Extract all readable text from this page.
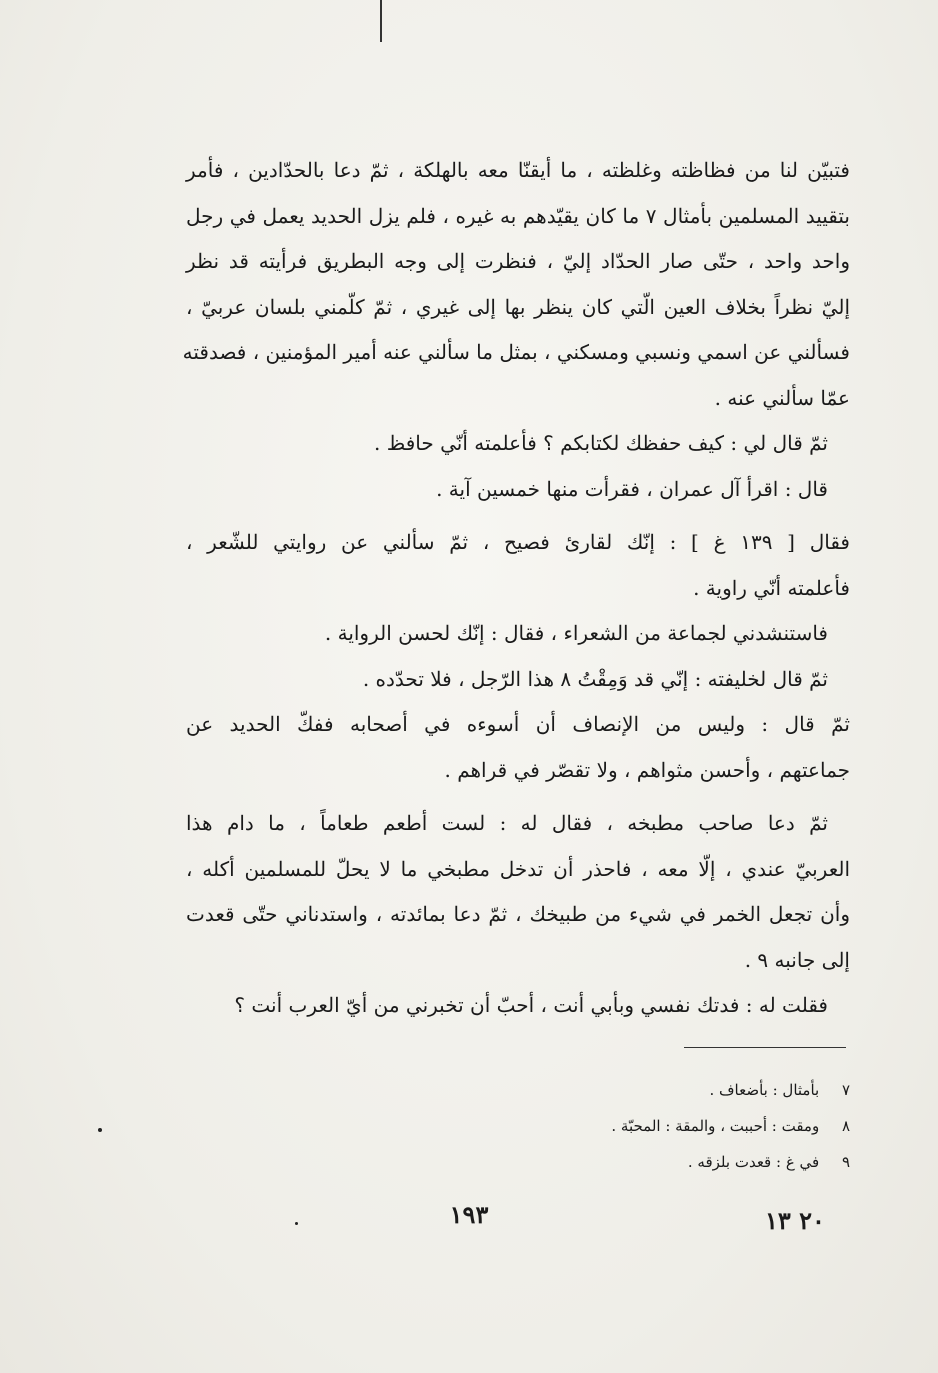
فتبيّن لنا من فظاظته وغلظته ، ما أيقنّا معه بالهلكة ، ثمّ دعا بالحدّادين ، فأمر
بتقييد المسلمين بأمثال ٧ ما كان يقيّدهم به غيره ، فلم يزل الحديد يعمل في رجل
واحد واحد ، حتّى صار الحدّاد إليّ ، فنظرت إلى وجه البطريق فرأيته قد نظر
إليّ نظراً بخلاف العين الّتي كان ينظر بها إلى غيري ، ثمّ كلّمني بلسان عربيّ ،
فسألني عن اسمي ونسبي ومسكني ، بمثل ما سألني عنه أمير المؤمنين ، فصدقته
عمّا سألني عنه .
ثمّ قال لي : كيف حفظك لكتابكم ؟ فأعلمته أنّي حافظ .
قال : اقرأ آل عمران ، فقرأت منها خمسين آية .
فقال [ ١٣٩ غ ] : إنّك لقارئ فصيح ، ثمّ سألني عن روايتي للشّعر ،
فأعلمته أنّي راوية .
فاستنشدني لجماعة من الشعراء ، فقال : إنّك لحسن الرواية .
ثمّ قال لخليفته : إنّي قد وَمِقْتُ ٨ هذا الرّجل ، فلا تحدّده .
ثمّ قال : وليس من الإنصاف أن أسوءه في أصحابه ففكّ الحديد عن
جماعتهم ، وأحسن مثواهم ، ولا تقصّر في قراهم .
ثمّ دعا صاحب مطبخه ، فقال له : لست أطعم طعاماً ، ما دام هذا
العربيّ عندي ، إلّا معه ، فاحذر أن تدخل مطبخي ما لا يحلّ للمسلمين أكله ،
وأن تجعل الخمر في شيء من طبيخك ، ثمّ دعا بمائدته ، واستدناني حتّى قعدت
إلى جانبه ٩ .
فقلت له : فدتك نفسي وبأبي أنت ، أحبّ أن تخبرني من أيّ العرب أنت ؟
٧ بأمثال : بأضعاف .
٨ ومقت : أحببت ، والمقة : المحبّة .
٩ في غ : قعدت بلزقه .
١٩٣	٢٠ ١٣
